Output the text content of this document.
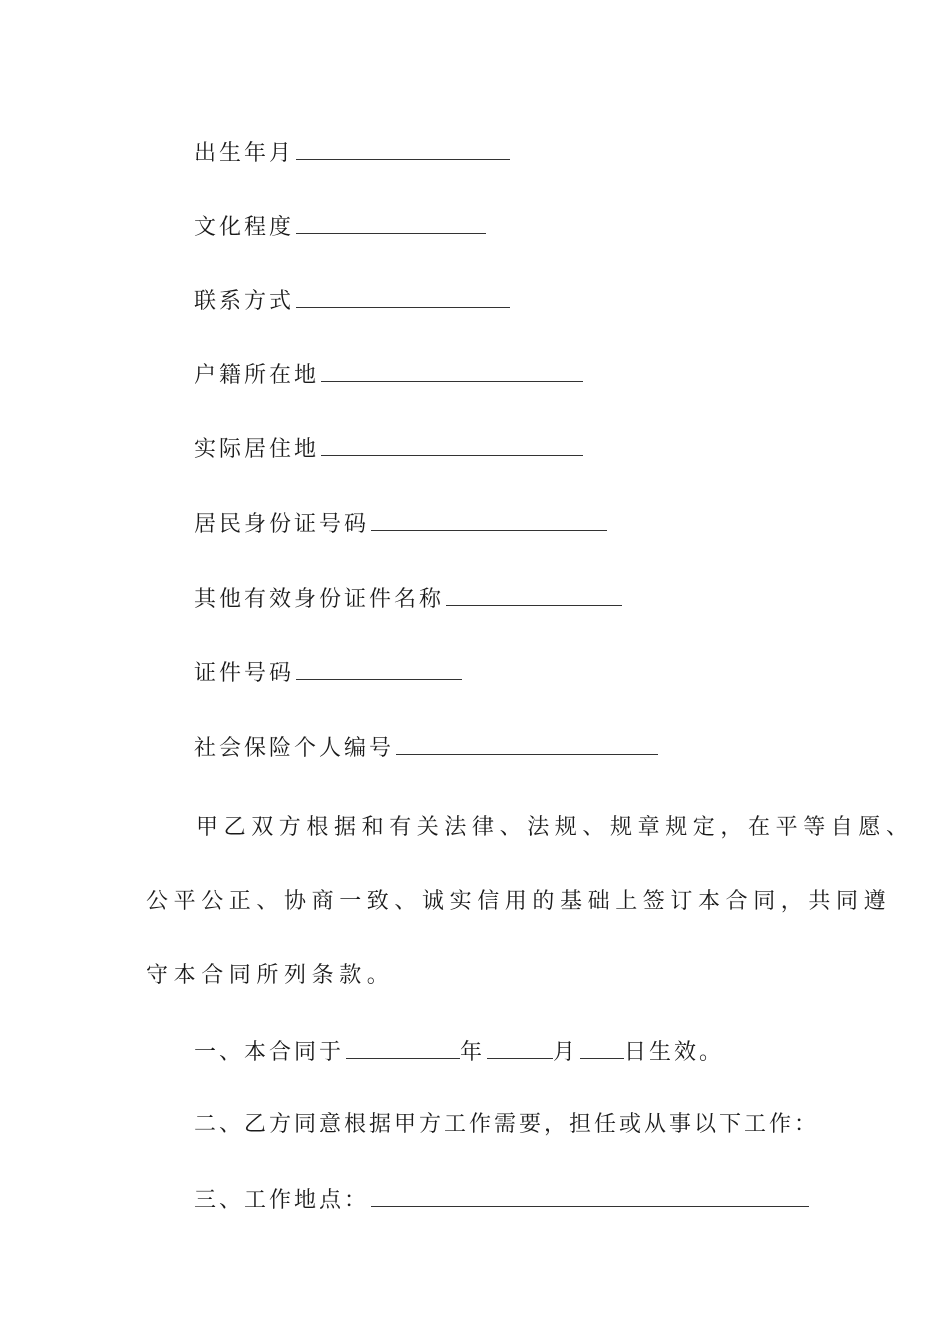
出生年月
文化程度
联系方式
户籍所在地
实际居住地
居民身份证号码
其他有效身份证件名称
证件号码
社会保险个人编号
甲乙双方根据和有关法律、法规、规章规定，在平等自愿、
公平公正、协商一致、诚实信用的基础上签订本合同，共同遵
守本合同所列条款。
一、本合同于	年	月 日生效。
二、乙方同意根据甲方工作需要，担任或从事以下工作：
三、工作地点：
